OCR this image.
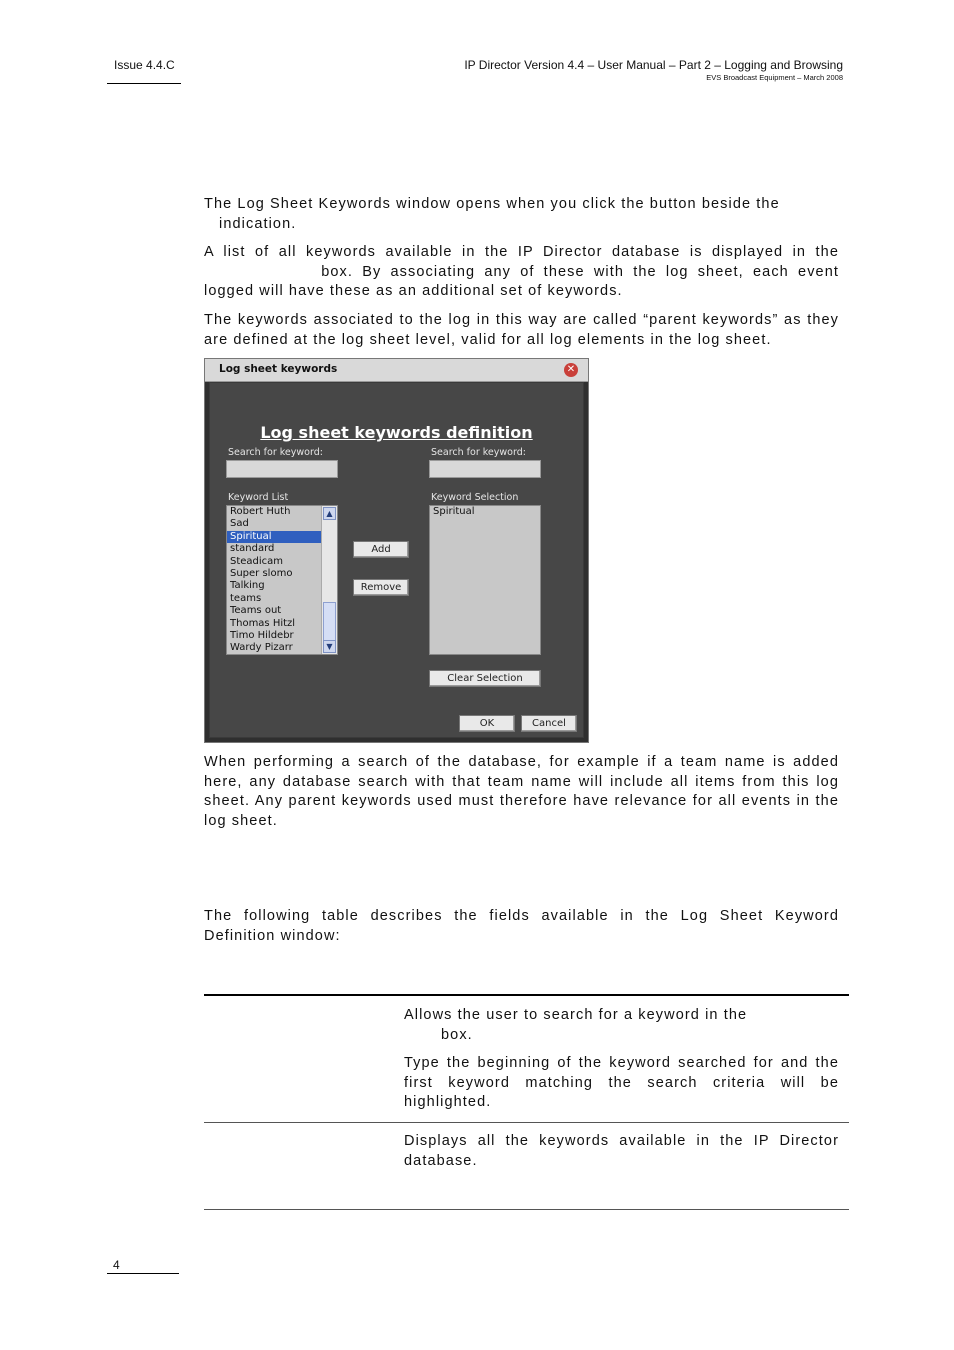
Issue 4.4.C	IP Director Version 4.4 – User Manual – Part 2 – Logging and Browsing
EVS Broadcast Equipment – March 2008

The Log Sheet Keywords window opens when you click the button beside the
indication.

A list of all keywords available in the IP Director database is displayed in the  box. By associating any of these with the log sheet, each event logged will have these as an additional set of keywords.

The keywords associated to the log in this way are called “parent keywords” as they are defined at the log sheet level, valid for all log elements in the log sheet.

Log sheet keywords	✕
Log sheet keywords definition
Search for keyword:	Search for keyword:
Keyword List
Robert Huth
Sad
Spiritual
standard
Steadicam
Super slomo
Talking
teams
Teams out
Thomas Hitzl
Timo Hildebr
Wardy Pizarr
▲
▼
Keyword Selection
Spiritual
Add
Remove
Clear Selection
OK	Cancel

When performing a search of the database, for example if a team name is added here, any database search with that team name will include all items from this log sheet. Any parent keywords used must therefore have relevance for all events in the log sheet.

The following table describes the fields available in the Log Sheet Keyword Definition window:

Allows the user to search for a keyword in the
box.

Type the beginning of the keyword searched for and the first keyword matching the search criteria will be highlighted.

Displays all the keywords available in the IP Director database.

4
